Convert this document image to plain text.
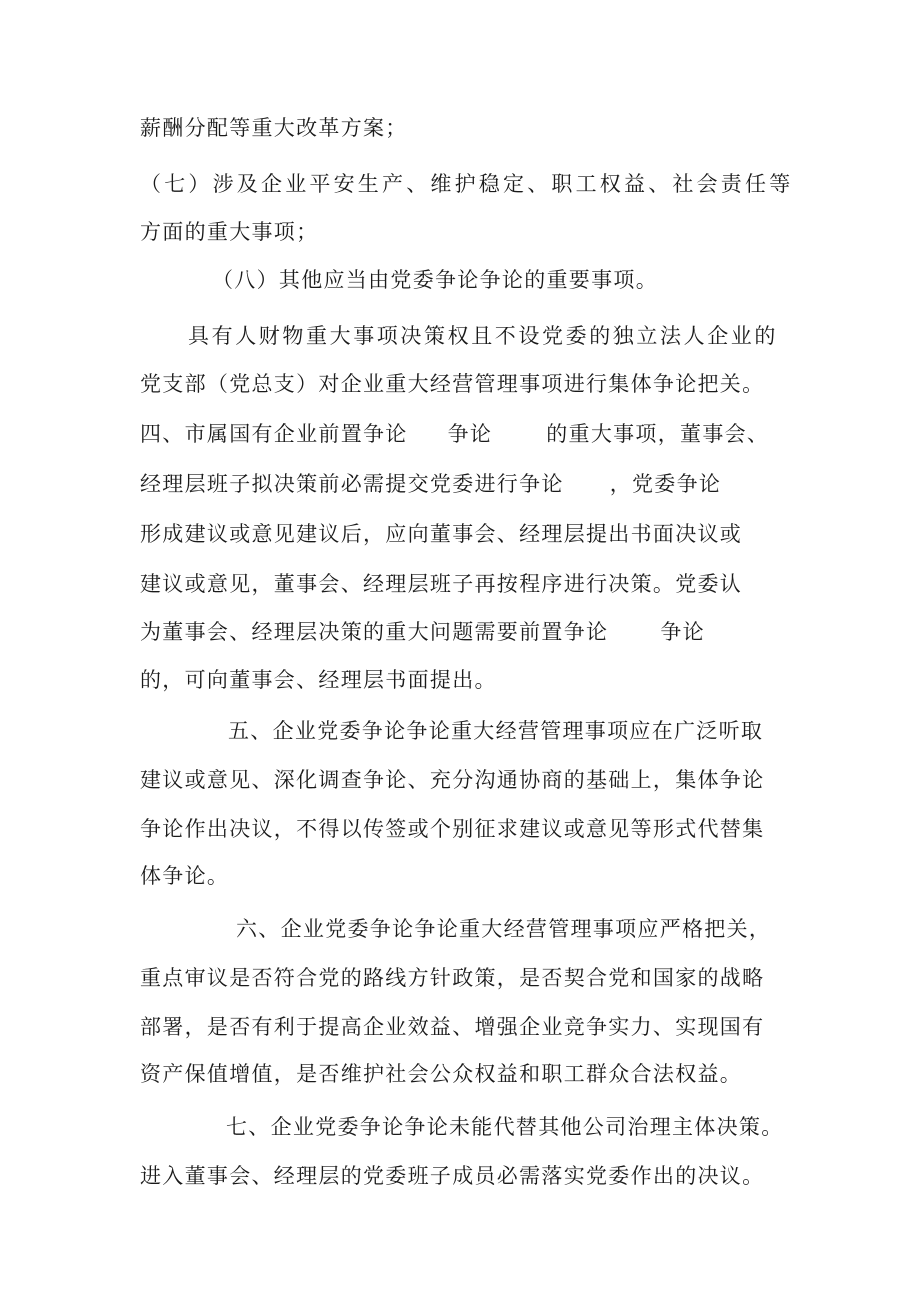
薪酬分配等重大改革方案；
（七）涉及企业平安生产、维护稳定、职工权益、社会责任等
方面的重大事项；
（八）其他应当由党委争论争论的重要事项。
具有人财物重大事项决策权且不设党委的独立法人企业的
党支部（党总支）对企业重大经营管理事项进行集体争论把关。
四、市属国有企业前置争论 争论	的重大事项，董事会、
经理层班子拟决策前必需提交党委进行争论 ，党委争论
形成建议或意见建议后，应向董事会、经理层提出书面决议或
建议或意见，董事会、经理层班子再按程序进行决策。党委认
为董事会、经理层决策的重大问题需要前置争论 争论
的，可向董事会、经理层书面提出。
五、企业党委争论争论重大经营管理事项应在广泛听取
建议或意见、深化调查争论、充分沟通协商的基础上，集体争论
争论作出决议，不得以传签或个别征求建议或意见等形式代替集
体争论。
六、企业党委争论争论重大经营管理事项应严格把关，
重点审议是否符合党的路线方针政策，是否契合党和国家的战略
部署，是否有利于提高企业效益、增强企业竞争实力、实现国有
资产保值增值，是否维护社会公众权益和职工群众合法权益。
七、企业党委争论争论未能代替其他公司治理主体决策。
进入董事会、经理层的党委班子成员必需落实党委作出的决议。
